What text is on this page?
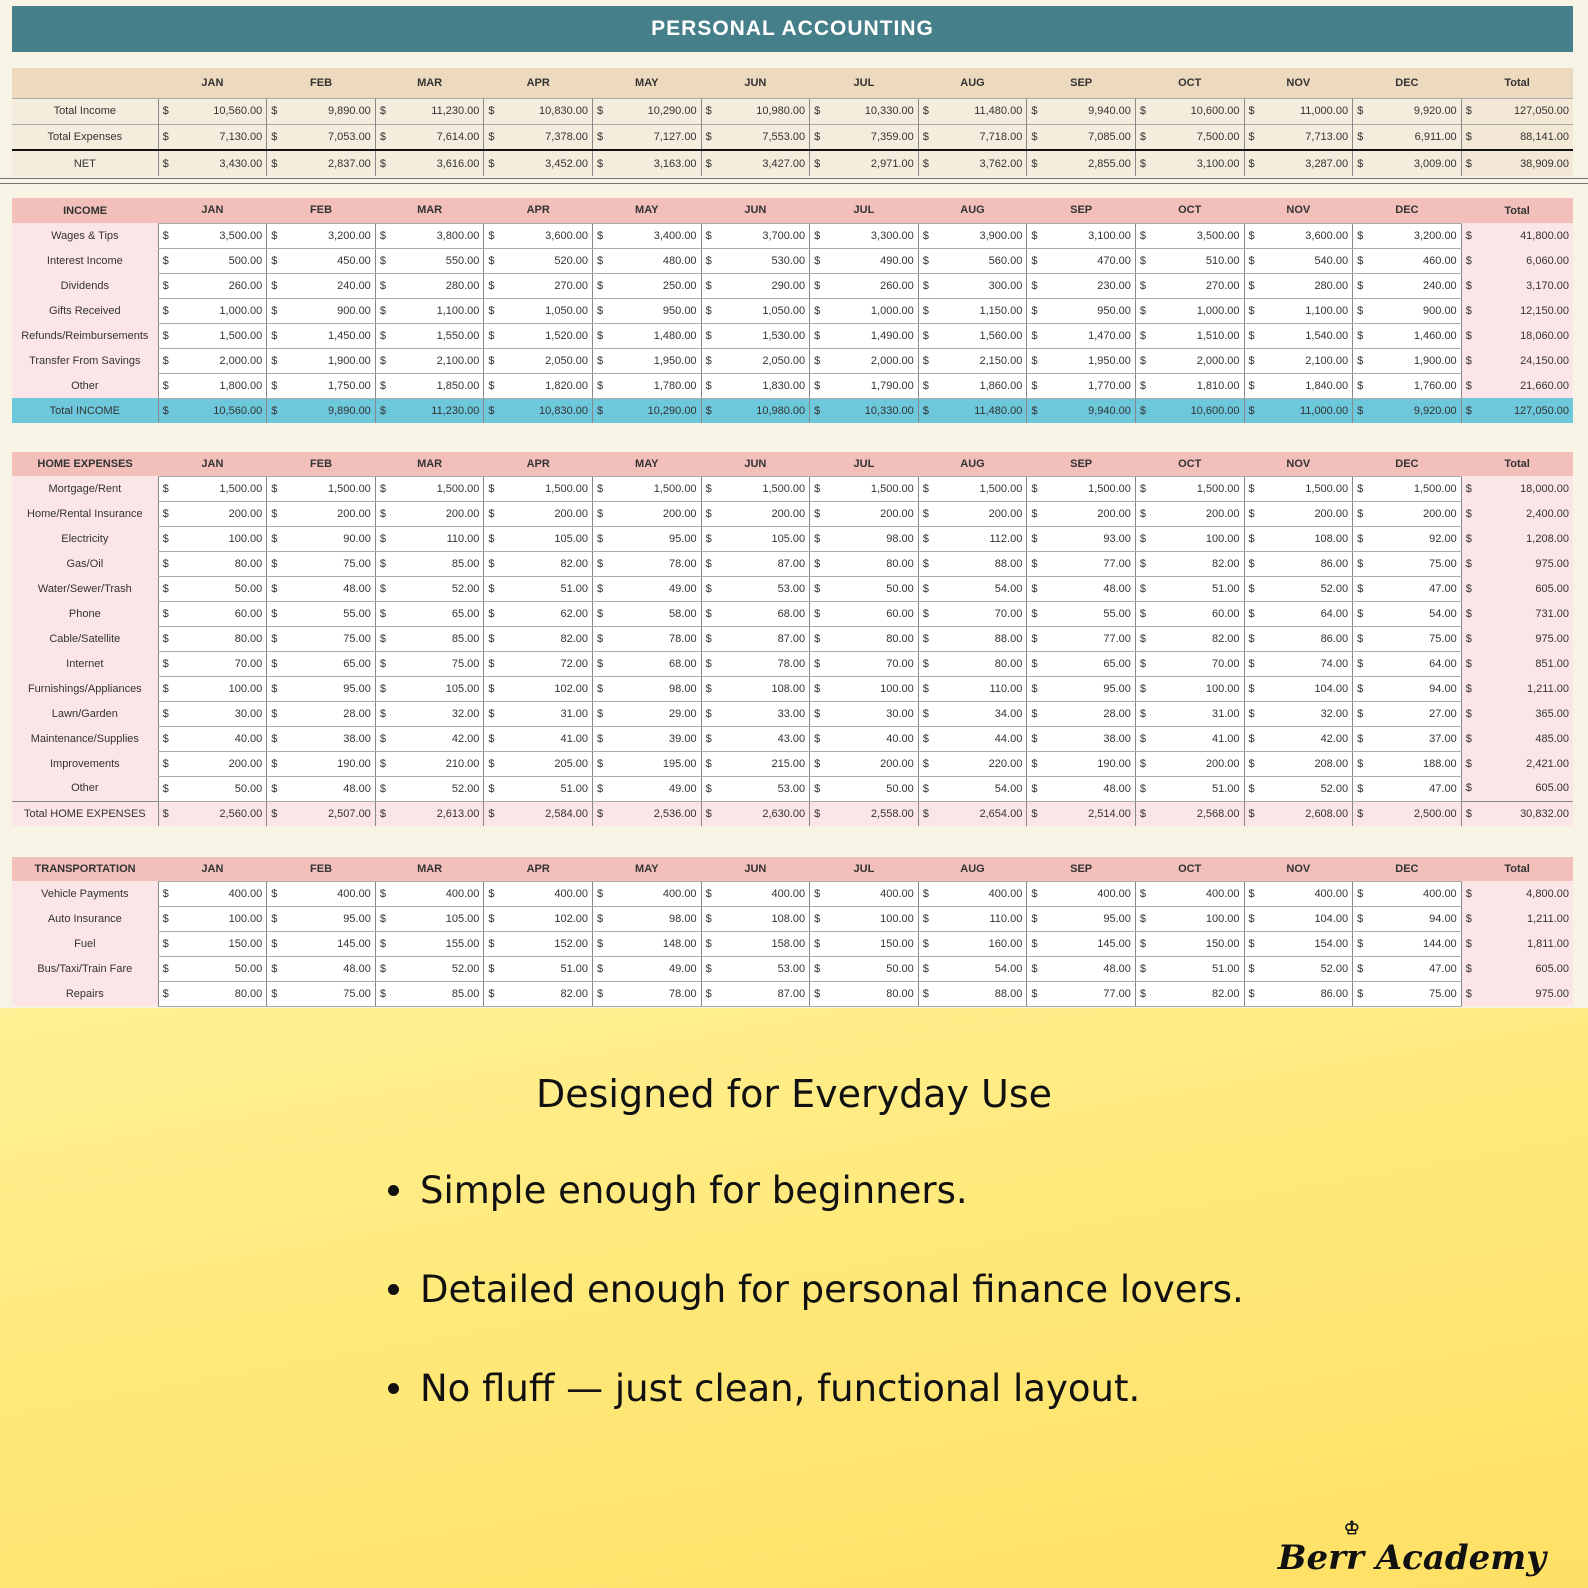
PERSONAL ACCOUNTING
	JAN		FEB		MAR		APR		MAY		JUN		JUL		AUG		SEP		OCT		NOV		DEC		Total	
Total Income	$	10,560.00	$	9,890.00	$	11,230.00	$	10,830.00	$	10,290.00	$	10,980.00	$	10,330.00	$	11,480.00	$	9,940.00	$	10,600.00	$	11,000.00	$	9,920.00	$	127,050.00
Total Expenses	$	7,130.00	$	7,053.00	$	7,614.00	$	7,378.00	$	7,127.00	$	7,553.00	$	7,359.00	$	7,718.00	$	7,085.00	$	7,500.00	$	7,713.00	$	6,911.00	$	88,141.00
NET	$	3,430.00	$	2,837.00	$	3,616.00	$	3,452.00	$	3,163.00	$	3,427.00	$	2,971.00	$	3,762.00	$	2,855.00	$	3,100.00	$	3,287.00	$	3,009.00	$	38,909.00
INCOME	JAN		FEB		MAR		APR		MAY		JUN		JUL		AUG		SEP		OCT		NOV		DEC		Total	
Wages & Tips	$	3,500.00	$	3,200.00	$	3,800.00	$	3,600.00	$	3,400.00	$	3,700.00	$	3,300.00	$	3,900.00	$	3,100.00	$	3,500.00	$	3,600.00	$	3,200.00	$	41,800.00
Interest Income	$	500.00	$	450.00	$	550.00	$	520.00	$	480.00	$	530.00	$	490.00	$	560.00	$	470.00	$	510.00	$	540.00	$	460.00	$	6,060.00
Dividends	$	260.00	$	240.00	$	280.00	$	270.00	$	250.00	$	290.00	$	260.00	$	300.00	$	230.00	$	270.00	$	280.00	$	240.00	$	3,170.00
Gifts Received	$	1,000.00	$	900.00	$	1,100.00	$	1,050.00	$	950.00	$	1,050.00	$	1,000.00	$	1,150.00	$	950.00	$	1,000.00	$	1,100.00	$	900.00	$	12,150.00
Refunds/Reimbursements	$	1,500.00	$	1,450.00	$	1,550.00	$	1,520.00	$	1,480.00	$	1,530.00	$	1,490.00	$	1,560.00	$	1,470.00	$	1,510.00	$	1,540.00	$	1,460.00	$	18,060.00
Transfer From Savings	$	2,000.00	$	1,900.00	$	2,100.00	$	2,050.00	$	1,950.00	$	2,050.00	$	2,000.00	$	2,150.00	$	1,950.00	$	2,000.00	$	2,100.00	$	1,900.00	$	24,150.00
Other	$	1,800.00	$	1,750.00	$	1,850.00	$	1,820.00	$	1,780.00	$	1,830.00	$	1,790.00	$	1,860.00	$	1,770.00	$	1,810.00	$	1,840.00	$	1,760.00	$	21,660.00
Total INCOME	$	10,560.00	$	9,890.00	$	11,230.00	$	10,830.00	$	10,290.00	$	10,980.00	$	10,330.00	$	11,480.00	$	9,940.00	$	10,600.00	$	11,000.00	$	9,920.00	$	127,050.00
HOME EXPENSES	JAN		FEB		MAR		APR		MAY		JUN		JUL		AUG		SEP		OCT		NOV		DEC		Total	
Mortgage/Rent	$	1,500.00	$	1,500.00	$	1,500.00	$	1,500.00	$	1,500.00	$	1,500.00	$	1,500.00	$	1,500.00	$	1,500.00	$	1,500.00	$	1,500.00	$	1,500.00	$	18,000.00
Home/Rental Insurance	$	200.00	$	200.00	$	200.00	$	200.00	$	200.00	$	200.00	$	200.00	$	200.00	$	200.00	$	200.00	$	200.00	$	200.00	$	2,400.00
Electricity	$	100.00	$	90.00	$	110.00	$	105.00	$	95.00	$	105.00	$	98.00	$	112.00	$	93.00	$	100.00	$	108.00	$	92.00	$	1,208.00
Gas/Oil	$	80.00	$	75.00	$	85.00	$	82.00	$	78.00	$	87.00	$	80.00	$	88.00	$	77.00	$	82.00	$	86.00	$	75.00	$	975.00
Water/Sewer/Trash	$	50.00	$	48.00	$	52.00	$	51.00	$	49.00	$	53.00	$	50.00	$	54.00	$	48.00	$	51.00	$	52.00	$	47.00	$	605.00
Phone	$	60.00	$	55.00	$	65.00	$	62.00	$	58.00	$	68.00	$	60.00	$	70.00	$	55.00	$	60.00	$	64.00	$	54.00	$	731.00
Cable/Satellite	$	80.00	$	75.00	$	85.00	$	82.00	$	78.00	$	87.00	$	80.00	$	88.00	$	77.00	$	82.00	$	86.00	$	75.00	$	975.00
Internet	$	70.00	$	65.00	$	75.00	$	72.00	$	68.00	$	78.00	$	70.00	$	80.00	$	65.00	$	70.00	$	74.00	$	64.00	$	851.00
Furnishings/Appliances	$	100.00	$	95.00	$	105.00	$	102.00	$	98.00	$	108.00	$	100.00	$	110.00	$	95.00	$	100.00	$	104.00	$	94.00	$	1,211.00
Lawn/Garden	$	30.00	$	28.00	$	32.00	$	31.00	$	29.00	$	33.00	$	30.00	$	34.00	$	28.00	$	31.00	$	32.00	$	27.00	$	365.00
Maintenance/Supplies	$	40.00	$	38.00	$	42.00	$	41.00	$	39.00	$	43.00	$	40.00	$	44.00	$	38.00	$	41.00	$	42.00	$	37.00	$	485.00
Improvements	$	200.00	$	190.00	$	210.00	$	205.00	$	195.00	$	215.00	$	200.00	$	220.00	$	190.00	$	200.00	$	208.00	$	188.00	$	2,421.00
Other	$	50.00	$	48.00	$	52.00	$	51.00	$	49.00	$	53.00	$	50.00	$	54.00	$	48.00	$	51.00	$	52.00	$	47.00	$	605.00
Total HOME EXPENSES	$	2,560.00	$	2,507.00	$	2,613.00	$	2,584.00	$	2,536.00	$	2,630.00	$	2,558.00	$	2,654.00	$	2,514.00	$	2,568.00	$	2,608.00	$	2,500.00	$	30,832.00
TRANSPORTATION	JAN		FEB		MAR		APR		MAY		JUN		JUL		AUG		SEP		OCT		NOV		DEC		Total	
Vehicle Payments	$	400.00	$	400.00	$	400.00	$	400.00	$	400.00	$	400.00	$	400.00	$	400.00	$	400.00	$	400.00	$	400.00	$	400.00	$	4,800.00
Auto Insurance	$	100.00	$	95.00	$	105.00	$	102.00	$	98.00	$	108.00	$	100.00	$	110.00	$	95.00	$	100.00	$	104.00	$	94.00	$	1,211.00
Fuel	$	150.00	$	145.00	$	155.00	$	152.00	$	148.00	$	158.00	$	150.00	$	160.00	$	145.00	$	150.00	$	154.00	$	144.00	$	1,811.00
Bus/Taxi/Train Fare	$	50.00	$	48.00	$	52.00	$	51.00	$	49.00	$	53.00	$	50.00	$	54.00	$	48.00	$	51.00	$	52.00	$	47.00	$	605.00
Repairs	$	80.00	$	75.00	$	85.00	$	82.00	$	78.00	$	87.00	$	80.00	$	88.00	$	77.00	$	82.00	$	86.00	$	75.00	$	975.00
Designed for Everyday Use
Simple enough for beginners.
Detailed enough for personal finance lovers.
No fluff — just clean, functional layout.
♔
Berr Academy
